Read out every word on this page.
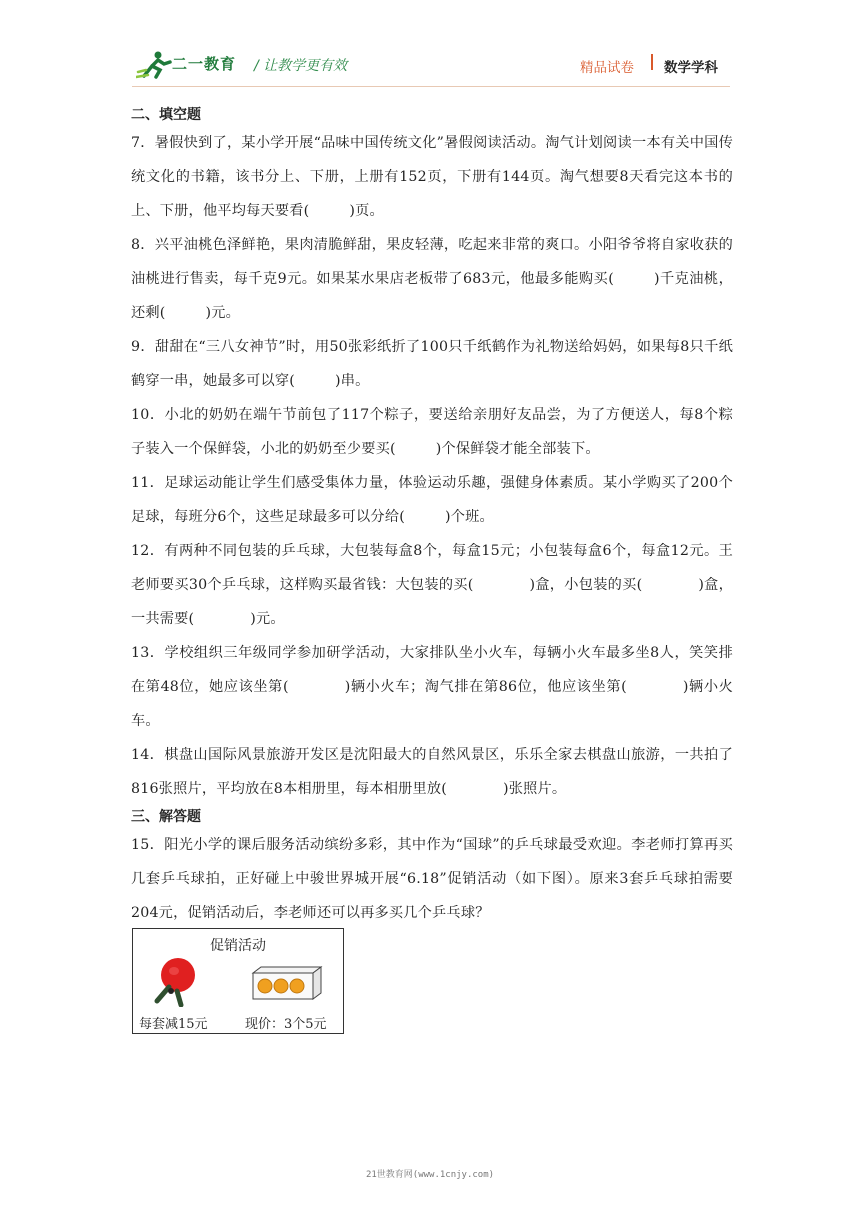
二一教育 / 让教学更有效	精品试卷 数学学科

二、填空题

7．暑假快到了，某小学开展“品味中国传统文化”暑假阅读活动。淘气计划阅读一本有关中国传统文化的书籍，该书分上、下册，上册有152页，下册有144页。淘气想要8天看完这本书的上、下册，他平均每天要看(	)页。

8．兴平油桃色泽鲜艳，果肉清脆鲜甜，果皮轻薄，吃起来非常的爽口。小阳爷爷将自家收获的油桃进行售卖，每千克9元。如果某水果店老板带了683元，他最多能购买(	)千克油桃，还剩(	)元。

9．甜甜在“三八女神节”时，用50张彩纸折了100只千纸鹤作为礼物送给妈妈，如果每8只千纸鹤穿一串，她最多可以穿(	)串。

10．小北的奶奶在端午节前包了117个粽子，要送给亲朋好友品尝，为了方便送人，每8个粽子装入一个保鲜袋，小北的奶奶至少要买(	)个保鲜袋才能全部装下。

11．足球运动能让学生们感受集体力量，体验运动乐趣，强健身体素质。某小学购买了200个足球，每班分6个，这些足球最多可以分给(	)个班。

12．有两种不同包装的乒乓球，大包装每盒8个，每盒15元；小包装每盒6个，每盒12元。王老师要买30个乒乓球，这样购买最省钱：大包装的买(	)盒，小包装的买(	)盒，一共需要(	)元。

13．学校组织三年级同学参加研学活动，大家排队坐小火车，每辆小火车最多坐8人，笑笑排在第48位，她应该坐第(	)辆小火车；淘气排在第86位，他应该坐第(	)辆小火车。

14．棋盘山国际风景旅游开发区是沈阳最大的自然风景区，乐乐全家去棋盘山旅游，一共拍了816张照片，平均放在8本相册里，每本相册里放(	)张照片。

三、解答题

15．阳光小学的课后服务活动缤纷多彩，其中作为“国球”的乒乓球最受欢迎。李老师打算再买几套乒乓球拍，正好碰上中骏世界城开展“6.18”促销活动（如下图）。原来3套乒乓球拍需要204元，促销活动后，李老师还可以再多买几个乒乓球？

促销活动
每套减15元	现价：3个5元
21世教育网(www.1cnjy.com)
